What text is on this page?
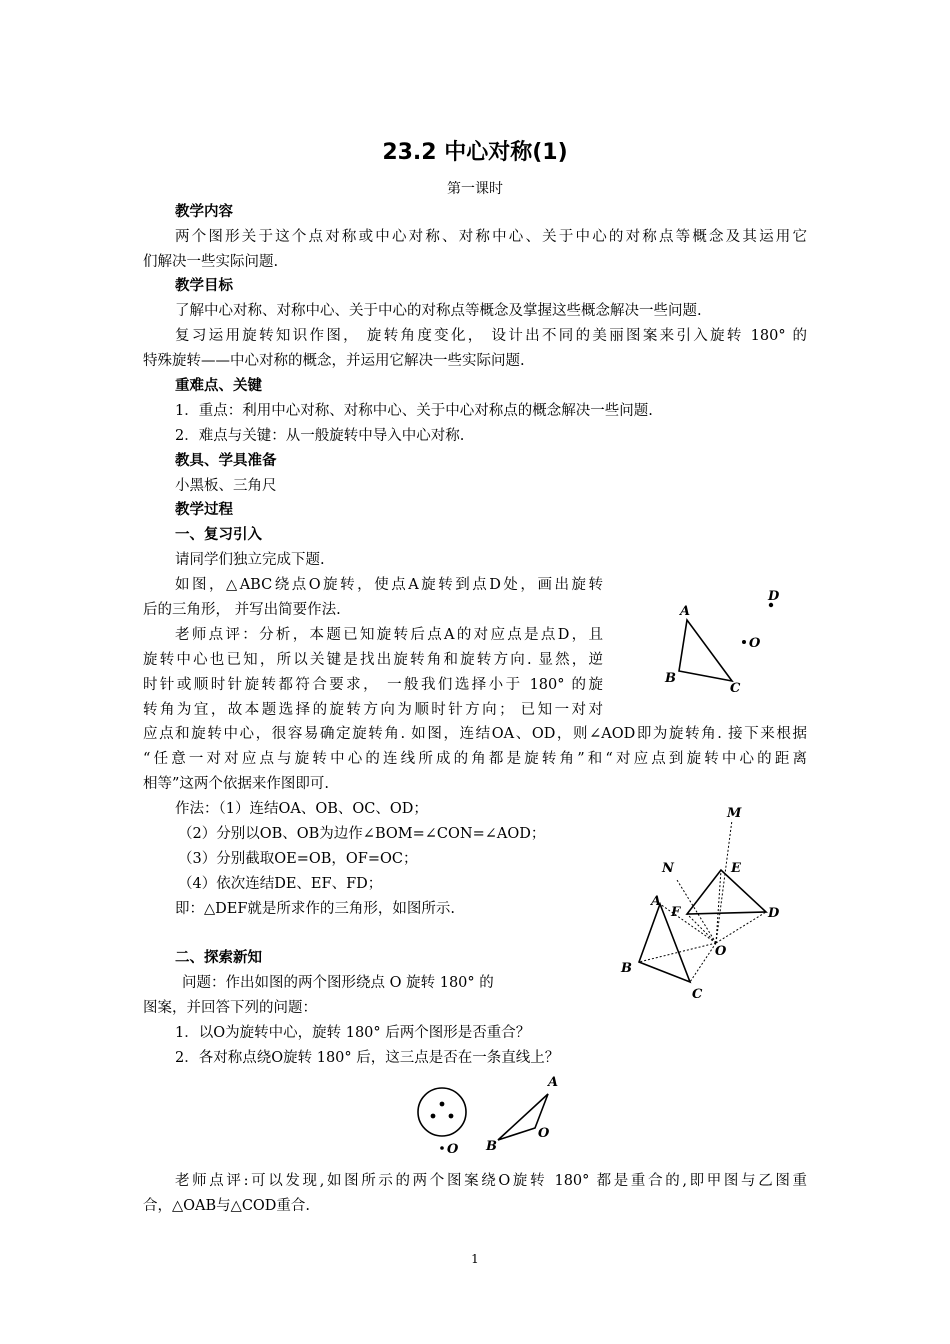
23.2 中心对称(1)
第一课时
教学内容
两个图形关于这个点对称或中心对称、对称中心、关于中心的对称点等概念及其运用它
们解决一些实际问题.
教学目标
了解中心对称、对称中心、关于中心的对称点等概念及掌握这些概念解决一些问题.
复习运用旋转知识作图， 旋转角度变化， 设计出不同的美丽图案来引入旋转 180° 的
特殊旋转——中心对称的概念，并运用它解决一些实际问题.
重难点、关键
1．重点：利用中心对称、对称中心、关于中心对称点的概念解决一些问题.
2．难点与关键：从一般旋转中导入中心对称.
教具、学具准备
小黑板、三角尺
教学过程
一、复习引入
请同学们独立完成下题.
如图，△ABC绕点O旋转，使点A旋转到点D处，画出旋转
后的三角形， 并写出简要作法.
老师点评：分析，本题已知旋转后点A的对应点是点D，且
旋转中心也已知，所以关键是找出旋转角和旋转方向. 显然，逆
时针或顺时针旋转都符合要求， 一般我们选择小于 180° 的旋
转角为宜，故本题选择的旋转方向为顺时针方向； 已知一对对
应点和旋转中心，很容易确定旋转角. 如图，连结OA、OD，则∠AOD即为旋转角. 接下来根据
“任意一对对应点与旋转中心的连线所成的角都是旋转角”和“对应点到旋转中心的距离
相等”这两个依据来作图即可.
作法：（1）连结OA、OB、OC、OD；
（2）分别以OB、OB为边作∠BOM=∠CON=∠AOD；
（3）分别截取OE=OB，OF=OC；
（4）依次连结DE、EF、FD；
即：△DEF就是所求作的三角形，如图所示.
二、探索新知
问题：作出如图的两个图形绕点 O 旋转 180° 的
图案，并回答下列的问题：
1．以O为旋转中心，旋转 180° 后两个图形是否重合？
2．各对称点绕O旋转 180° 后，这三点是否在一条直线上？
老师点评:可以发现,如图所示的两个图案绕O旋转 180° 都是重合的,即甲图与乙图重
合，△OAB与△COD重合.
A
B
C
O
D
M
N	E
A
F	D
O
B
C
O
A
B
O
1
